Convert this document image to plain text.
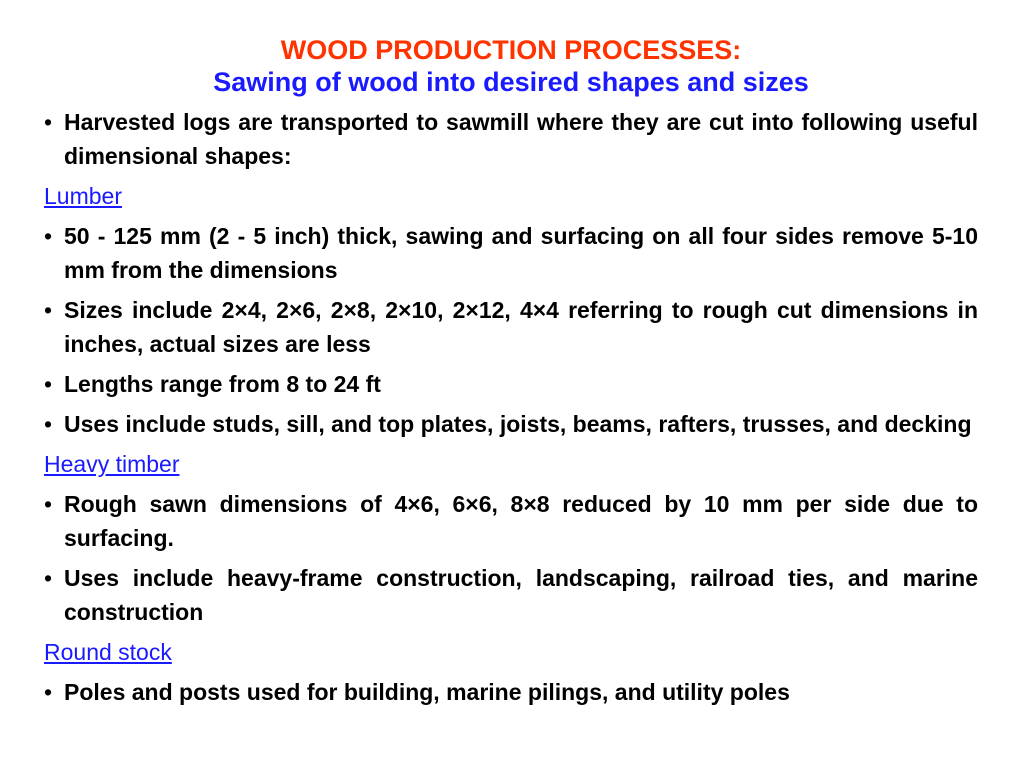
WOOD PRODUCTION PROCESSES:
Sawing of wood into desired shapes and sizes
• Harvested logs are transported to sawmill where they are cut into following useful dimensional shapes:
Lumber
• 50 - 125 mm (2 - 5 inch) thick, sawing and surfacing on all four sides remove 5-10 mm from the dimensions
• Sizes include 2×4, 2×6, 2×8, 2×10, 2×12, 4×4 referring to rough cut dimensions in inches, actual sizes are less
• Lengths range from 8 to 24 ft
• Uses include studs, sill, and top plates, joists, beams, rafters, trusses, and decking
Heavy timber
• Rough sawn dimensions of 4×6, 6×6, 8×8 reduced by 10 mm per side due to surfacing.
• Uses include heavy-frame construction, landscaping, railroad ties, and marine construction
Round stock
• Poles and posts used for building, marine pilings, and utility poles
